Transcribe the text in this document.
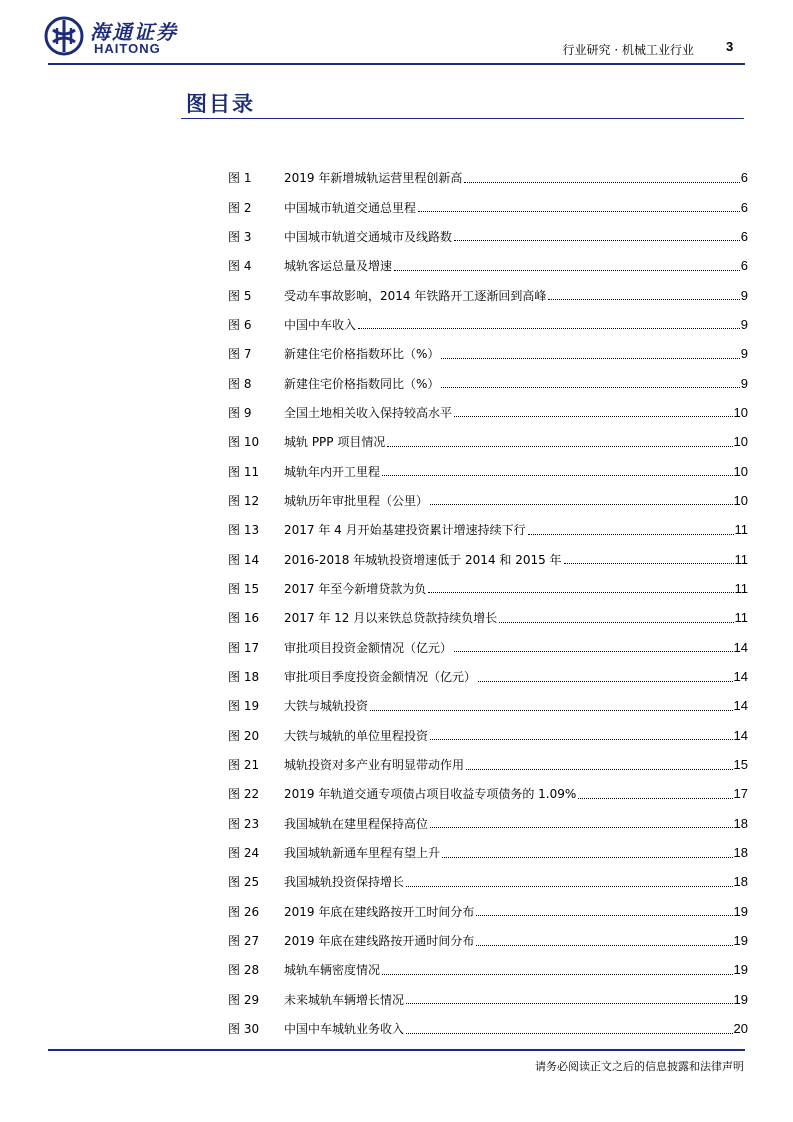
海通证券
HAITONG	行业研究 · 机械工业行业 3
图目录
图 1	2019 年新增城轨运营里程创新高	6
图 2	中国城市轨道交通总里程	6
图 3	中国城市轨道交通城市及线路数	6
图 4	城轨客运总量及增速	6
图 5	受动车事故影响，2014 年铁路开工逐渐回到高峰	9
图 6	中国中车收入	9
图 7	新建住宅价格指数环比（%）	9
图 8	新建住宅价格指数同比（%）	9
图 9	全国土地相关收入保持较高水平	10
图 10	城轨 PPP 项目情况	10
图 11	城轨年内开工里程	10
图 12	城轨历年审批里程（公里）	10
图 13	2017 年 4 月开始基建投资累计增速持续下行	11
图 14	2016-2018 年城轨投资增速低于 2014 和 2015 年	11
图 15	2017 年至今新增贷款为负	11
图 16	2017 年 12 月以来铁总贷款持续负增长	11
图 17	审批项目投资金额情况（亿元）	14
图 18	审批项目季度投资金额情况（亿元）	14
图 19	大铁与城轨投资	14
图 20	大铁与城轨的单位里程投资	14
图 21	城轨投资对多产业有明显带动作用	15
图 22	2019 年轨道交通专项债占项目收益专项债务的 1.09%	17
图 23	我国城轨在建里程保持高位	18
图 24	我国城轨新通车里程有望上升	18
图 25	我国城轨投资保持增长	18
图 26	2019 年底在建线路按开工时间分布	19
图 27	2019 年底在建线路按开通时间分布	19
图 28	城轨车辆密度情况	19
图 29	未来城轨车辆增长情况	19
图 30	中国中车城轨业务收入	20
请务必阅读正文之后的信息披露和法律声明
